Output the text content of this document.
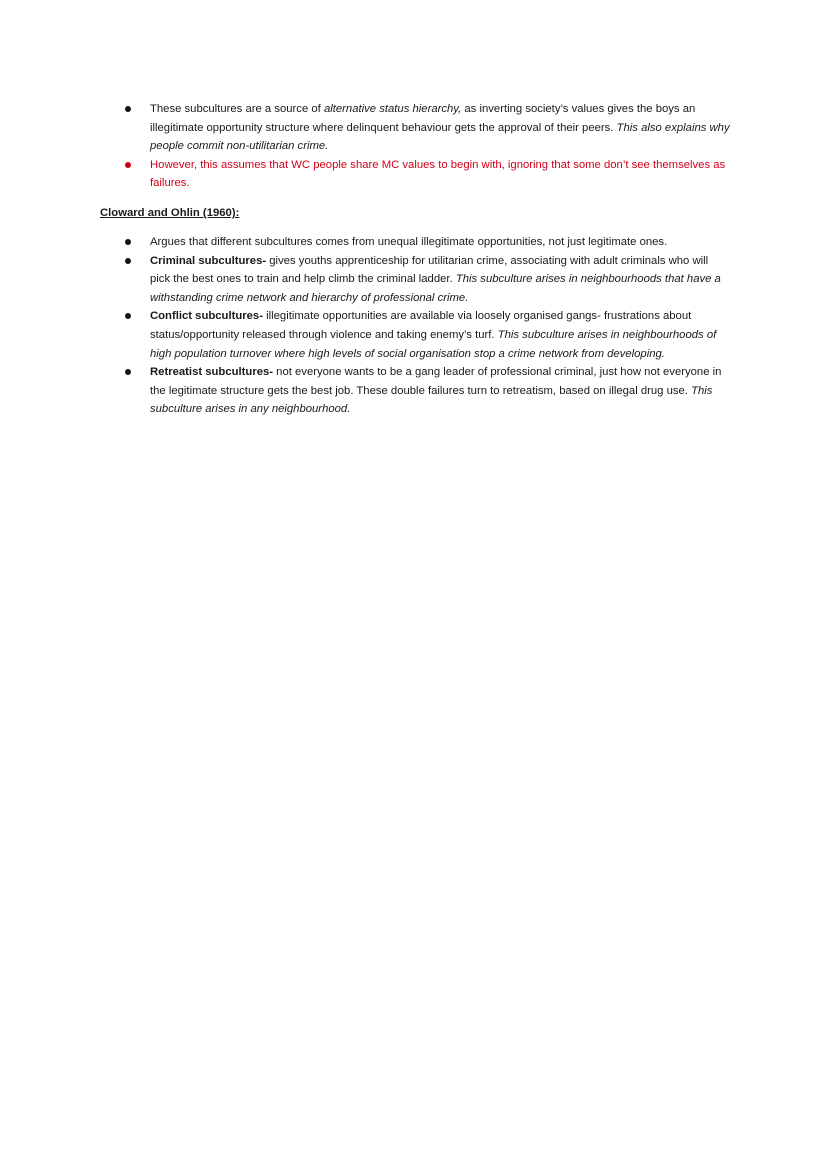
These subcultures are a source of alternative status hierarchy, as inverting society’s values gives the boys an illegitimate opportunity structure where delinquent behaviour gets the approval of their peers. This also explains why people commit non-utilitarian crime.
However, this assumes that WC people share MC values to begin with, ignoring that some don’t see themselves as failures.

Cloward and Ohlin (1960):

Argues that different subcultures comes from unequal illegitimate opportunities, not just legitimate ones.
Criminal subcultures- gives youths apprenticeship for utilitarian crime, associating with adult criminals who will pick the best ones to train and help climb the criminal ladder. This subculture arises in neighbourhoods that have a withstanding crime network and hierarchy of professional crime.
Conflict subcultures- illegitimate opportunities are available via loosely organised gangs- frustrations about status/opportunity released through violence and taking enemy’s turf. This subculture arises in neighbourhoods of high population turnover where high levels of social organisation stop a crime network from developing.
Retreatist subcultures- not everyone wants to be a gang leader of professional criminal, just how not everyone in the legitimate structure gets the best job. These double failures turn to retreatism, based on illegal drug use. This subculture arises in any neighbourhood.
